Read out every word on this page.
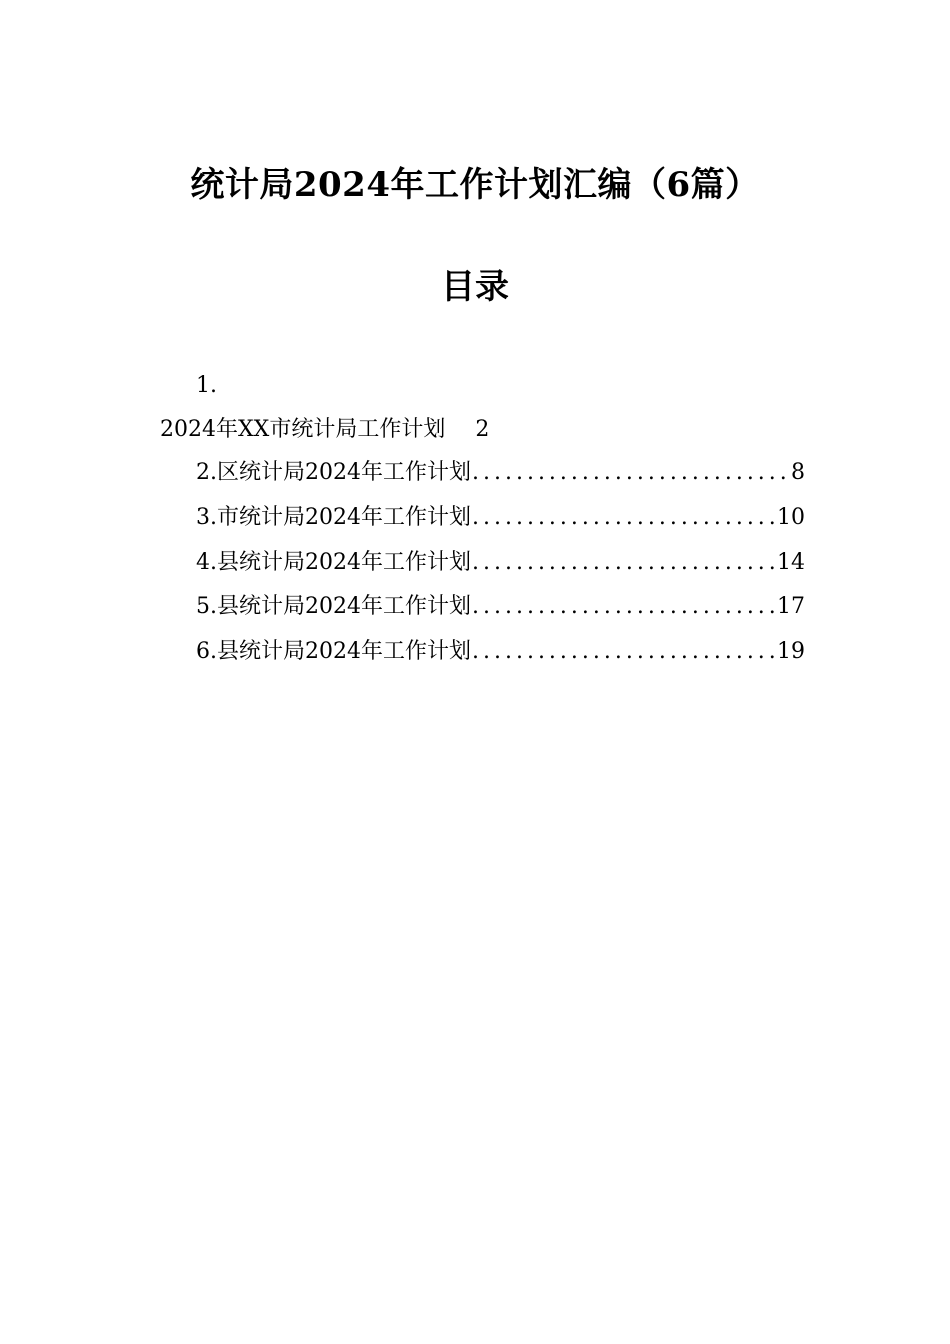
统计局2024年工作计划汇编（6篇）
目录
1.
2024年XX市统计局工作计划 2
2.区统计局2024年工作计划 .....	8
3.市统计局2024年工作计划 .....	10
4.县统计局2024年工作计划 .....	14
5.县统计局2024年工作计划 .....	17
6.县统计局2024年工作计划 .....	19
